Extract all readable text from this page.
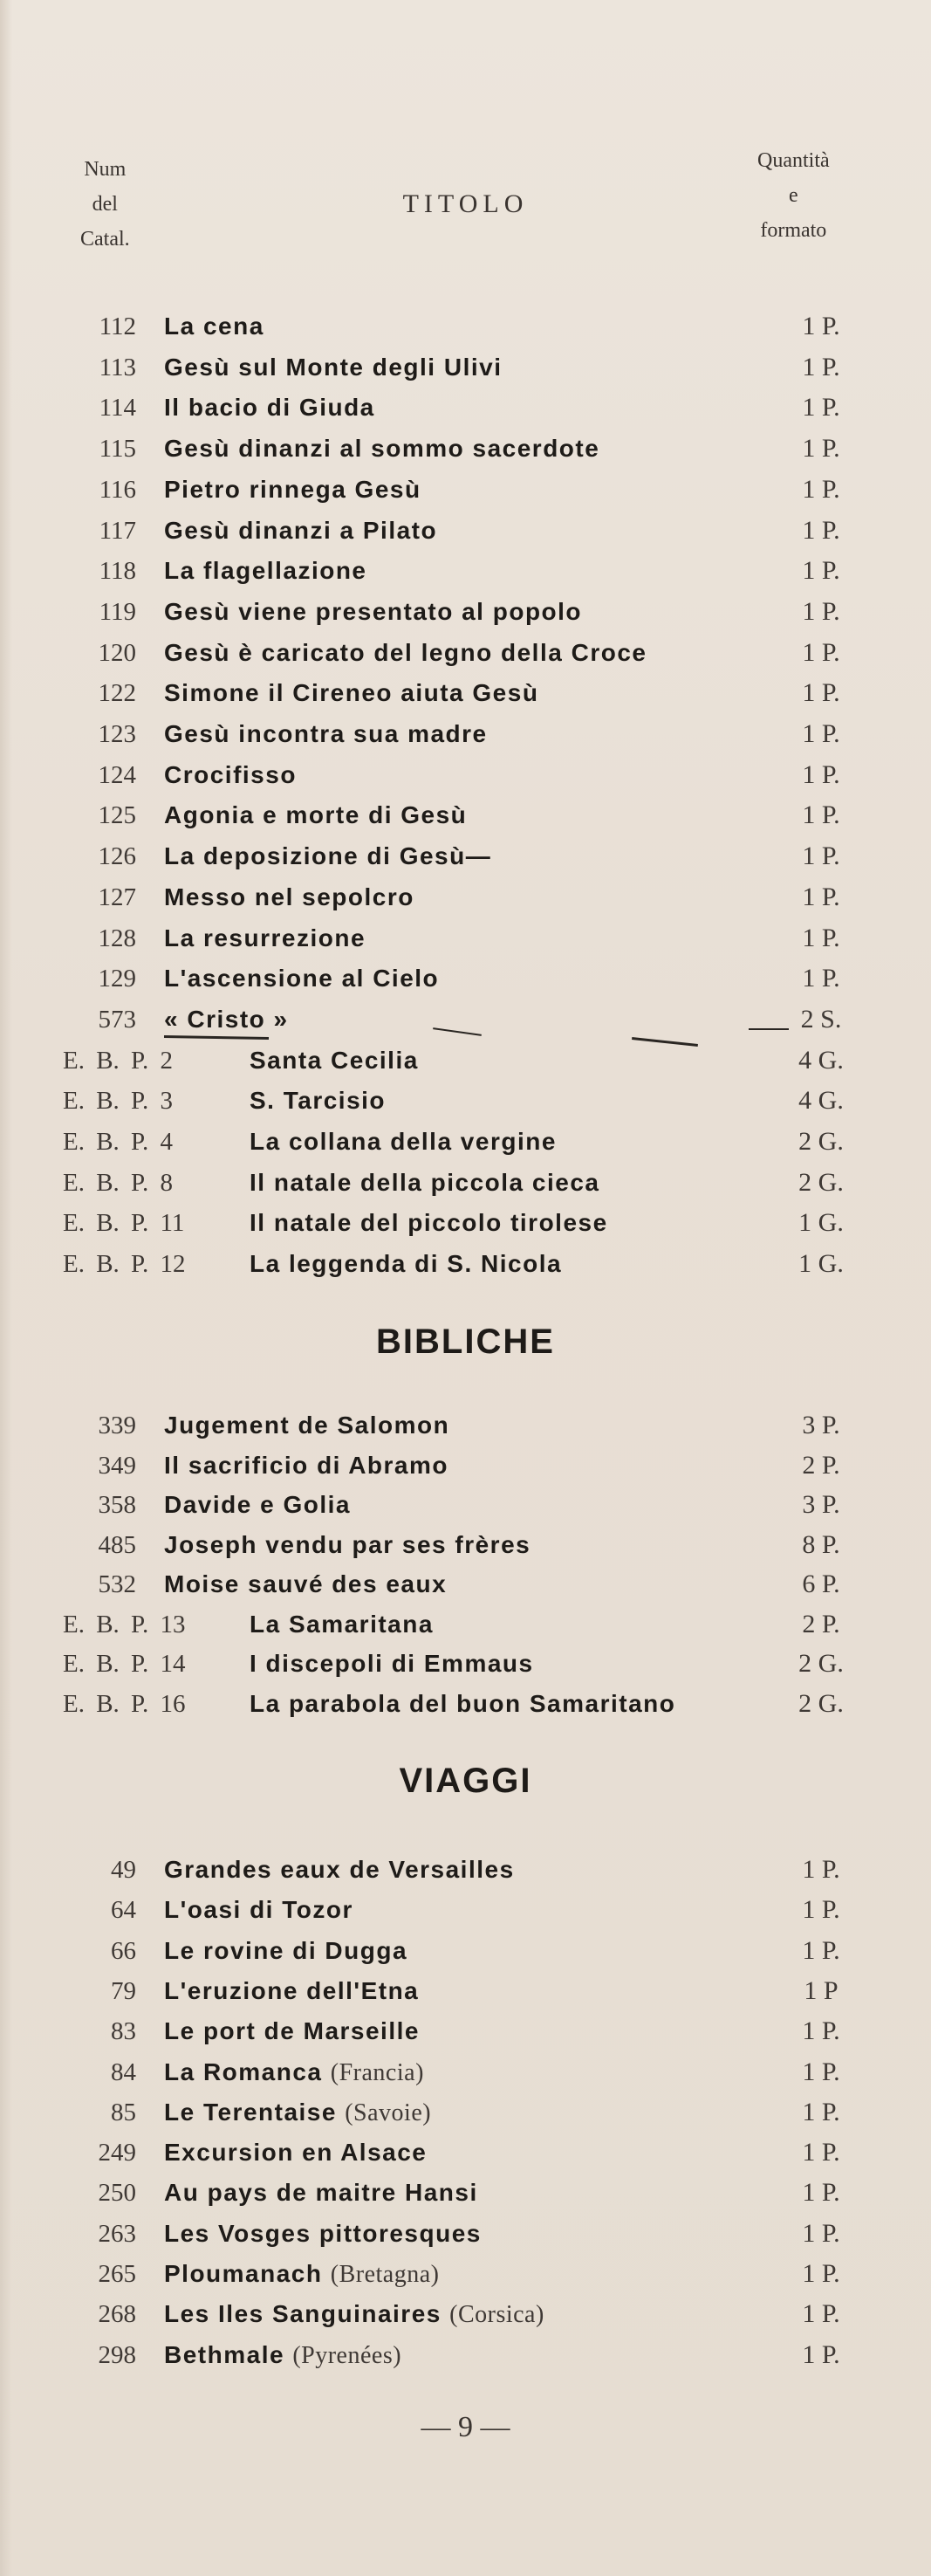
Num
del
Catal.
TITOLO
Quantità
e
formato
112 La cena	1 P.
113 Gesù sul Monte degli Ulivi	1 P.
114 Il bacio di Giuda	1 P.
115 Gesù dinanzi al sommo sacerdote	1 P.
116 Pietro rinnega Gesù	1 P.
117 Gesù dinanzi a Pilato	1 P.
118 La flagellazione	1 P.
119 Gesù viene presentato al popolo	1 P.
120 Gesù è caricato del legno della Croce	1 P.
122 Simone il Cireneo aiuta Gesù	1 P.
123 Gesù incontra sua madre	1 P.
124 Crocifisso	1 P.
125 Agonia e morte di Gesù	1 P.
126 La deposizione di Gesù—	1 P.
127 Messo nel sepolcro	1 P.
128 La resurrezione	1 P.
129 L'ascensione al Cielo	1 P.
573 « Cristo »	2 S.
E. B. P. 2	Santa Cecilia	4 G.
E. B. P. 3	S. Tarcisio	4 G.
E. B. P. 4	La collana della vergine	2 G.
E. B. P. 8	Il natale della piccola cieca	2 G.
E. B. P. 11	Il natale del piccolo tirolese	1 G.
E. B. P. 12	La leggenda di S. Nicola	1 G.
339 Jugement de Salomon	3 P.
349 Il sacrificio di Abramo	2 P.
358 Davide e Golia	3 P.
485 Joseph vendu par ses frères	8 P.
532 Moise sauvé des eaux	6 P.
E. B. P. 13	La Samaritana	2 P.
E. B. P. 14	I discepoli di Emmaus	2 G.
E. B. P. 16	La parabola del buon Samaritano	2 G.
49 Grandes eaux de Versailles	1 P.
64 L'oasi di Tozor	1 P.
66 Le rovine di Dugga	1 P.
79 L'eruzione dell'Etna	1 P
83 Le port de Marseille	1 P.
84 La Romanca (Francia)	1 P.
85 Le Terentaise (Savoie)	1 P.
249 Excursion en Alsace	1 P.
250 Au pays de maitre Hansi	1 P.
263 Les Vosges pittoresques	1 P.
265 Ploumanach (Bretagna)	1 P.
268 Les Iles Sanguinaires (Corsica)	1 P.
298 Bethmale (Pyrenées)	1 P.
BIBLICHE
VIAGGI
— 9 —
